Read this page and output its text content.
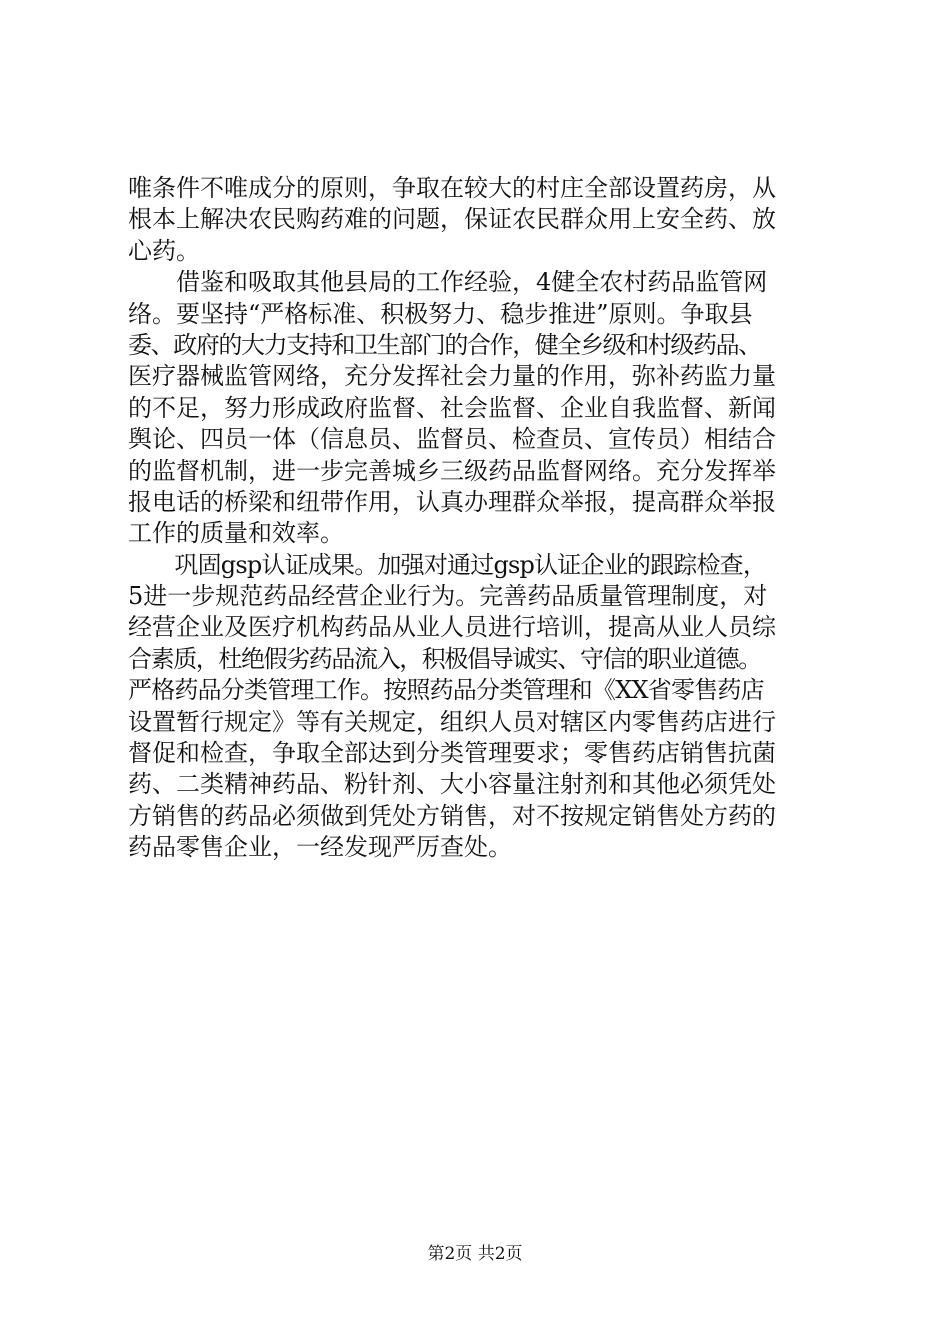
唯条件不唯成分的原则，争取在较大的村庄全部设置药房，从
根本上解决农民购药难的问题，保证农民群众用上安全药、放
心药。
　　借鉴和吸取其他县局的工作经验，4健全农村药品监管网
络。要坚持“严格标准、积极努力、稳步推进”原则。争取县
委、政府的大力支持和卫生部门的合作，健全乡级和村级药品、
医疗器械监管网络，充分发挥社会力量的作用，弥补药监力量
的不足，努力形成政府监督、社会监督、企业自我监督、新闻
舆论、四员一体（信息员、监督员、检查员、宣传员）相结合
的监督机制，进一步完善城乡三级药品监督网络。充分发挥举
报电话的桥梁和纽带作用，认真办理群众举报，提高群众举报
工作的质量和效率。
　　巩固gsp认证成果。加强对通过gsp认证企业的跟踪检查，
5进一步规范药品经营企业行为。完善药品质量管理制度，对
经营企业及医疗机构药品从业人员进行培训，提高从业人员综
合素质，杜绝假劣药品流入，积极倡导诚实、守信的职业道德。
严格药品分类管理工作。按照药品分类管理和《XX省零售药店
设置暂行规定》等有关规定，组织人员对辖区内零售药店进行
督促和检查，争取全部达到分类管理要求；零售药店销售抗菌
药、二类精神药品、粉针剂、大小容量注射剂和其他必须凭处
方销售的药品必须做到凭处方销售，对不按规定销售处方药的
药品零售企业，一经发现严厉查处。
第2页 共2页
